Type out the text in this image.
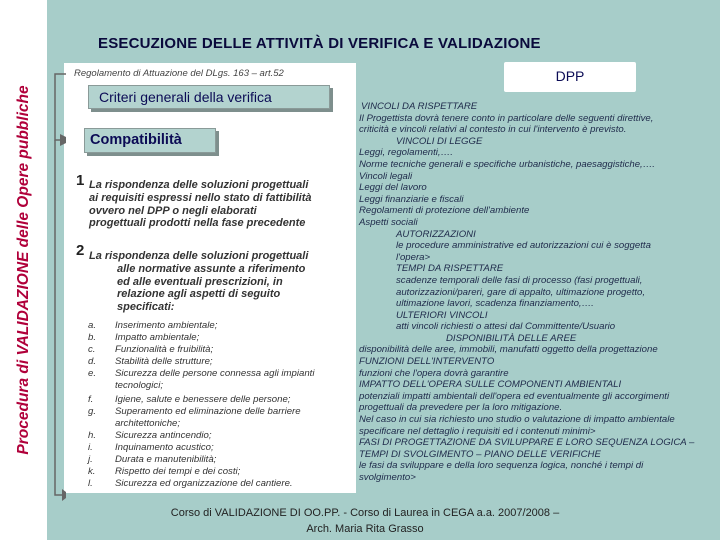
Procedura di VALIDAZIONE delle Opere pubbliche
ESECUZIONE DELLE ATTIVITÀ DI VERIFICA E VALIDAZIONE
Regolamento di Attuazione del DLgs. 163 – art.52
Criteri generali della verifica
Compatibilità
1 La rispondenza delle soluzioni progettuali
ai requisiti espressi nello stato di fattibilità
ovvero nel DPP o negli elaborati
progettuali prodotti nella fase precedente
2 La rispondenza delle soluzioni progettuali
alle normative assunte a riferimento
ed alle eventuali prescrizioni, in
relazione agli aspetti di seguito
specificati:
a.	Inserimento ambientale;
b.	Impatto ambientale;
c.	Funzionalità e fruibilità;
d.	Stabilità delle strutture;
e.	Sicurezza delle persone connessa agli impianti tecnologici;
f.	Igiene, salute e benessere delle persone;
g.	Superamento ed eliminazione delle barriere architettoniche;
h.	Sicurezza antincendio;
i.	Inquinamento acustico;
j.	Durata e manutenibilità;
k.	Rispetto dei tempi e dei costi;
l.	Sicurezza ed organizzazione del cantiere.
DPP
VINCOLI DA RISPETTARE
Il Progettista dovrà tenere conto in particolare delle seguenti direttive,
criticità e vincoli relativi al contesto in cui l'intervento è previsto.
VINCOLI DI LEGGE
Leggi, regolamenti,….
Norme tecniche generali e specifiche urbanistiche, paesaggistiche,….
Vincoli legali
Leggi del lavoro
Leggi finanziarie e fiscali
Regolamenti di protezione dell'ambiente
Aspetti sociali
AUTORIZZAZIONI
le procedure amministrative ed autorizzazioni cui è soggetta
l'opera>
TEMPI DA RISPETTARE
scadenze temporali delle fasi di processo (fasi progettuali,
autorizzazioni/pareri, gare di appalto, ultimazione progetto,
ultimazione lavori, scadenza finanziamento,….
ULTERIORI VINCOLI
atti vincoli richiesti o attesi dal Committente/Usuario
DISPONIBILITÀ DELLE AREE
disponibilità delle aree, immobili, manufatti oggetto della progettazione
FUNZIONI DELL'INTERVENTO
funzioni che l'opera dovrà garantire
IMPATTO DELL'OPERA SULLE COMPONENTI AMBIENTALI
potenziali impatti ambientali dell'opera ed eventualmente gli accorgimenti
progettuali da prevedere per la loro mitigazione.
Nel caso in cui sia richiesto uno studio o valutazione di impatto ambientale
specificare nel dettaglio i requisiti ed i contenuti minimi>
FASI DI PROGETTAZIONE DA SVILUPPARE E LORO SEQUENZA LOGICA –
TEMPI DI SVOLGIMENTO – PIANO DELLE VERIFICHE
le fasi da sviluppare e della loro sequenza logica, nonché i tempi di
svolgimento>
Corso di VALIDAZIONE DI OO.PP. - Corso di Laurea in CEGA a.a. 2007/2008 –
Arch. Maria Rita Grasso
